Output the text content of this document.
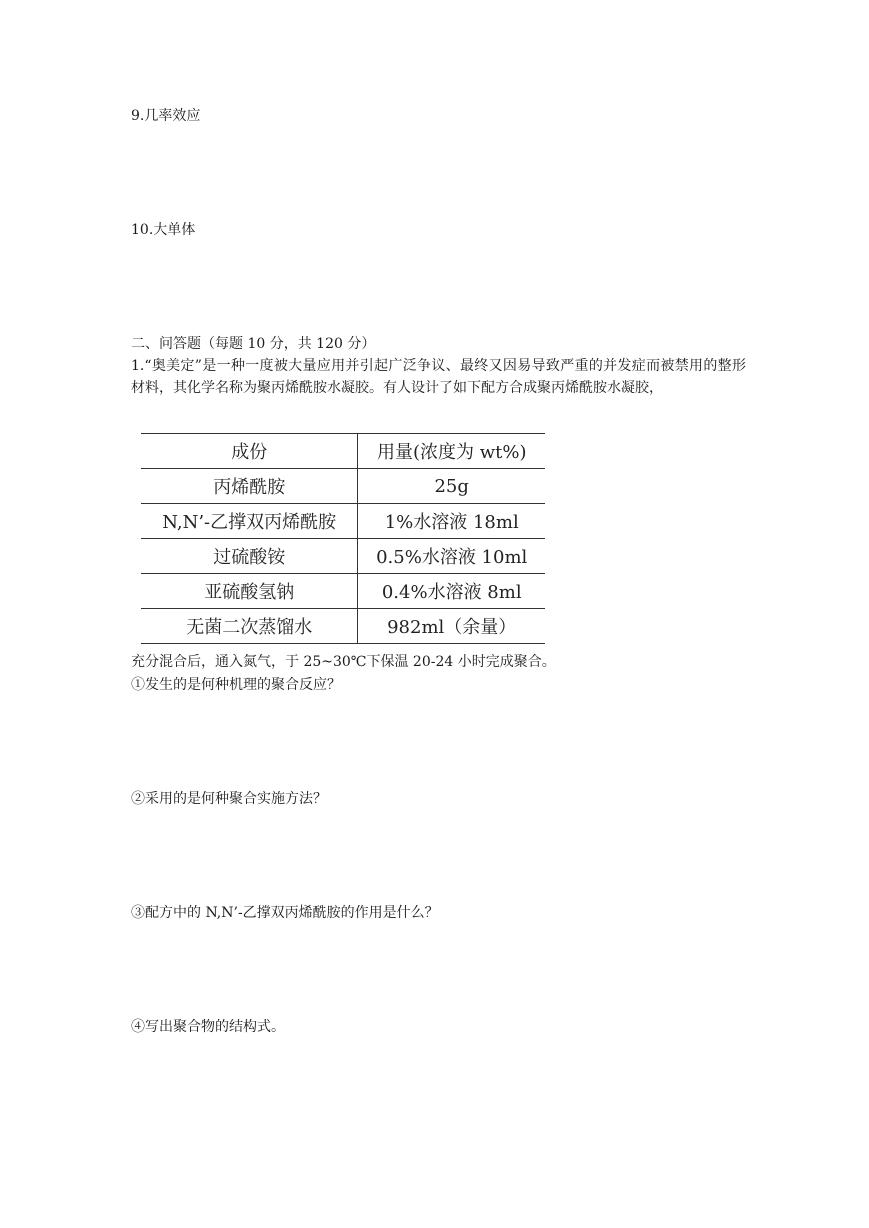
9.几率效应
10.大单体
二、问答题（每题 10 分，共 120 分）
1.“奥美定”是一种一度被大量应用并引起广泛争议、最终又因易导致严重的并发症而被禁用的整形材料，其化学名称为聚丙烯酰胺水凝胶。有人设计了如下配方合成聚丙烯酰胺水凝胶，
成份	用量(浓度为 wt%)
丙烯酰胺	25g
N,N’-乙撑双丙烯酰胺	1%水溶液 18ml
过硫酸铵	0.5%水溶液 10ml
亚硫酸氢钠	0.4%水溶液 8ml
无菌二次蒸馏水	982ml（余量）
充分混合后，通入氮气，于 25~30℃下保温 20-24 小时完成聚合。
①发生的是何种机理的聚合反应？
②采用的是何种聚合实施方法？
③配方中的 N,N’-乙撑双丙烯酰胺的作用是什么？
④写出聚合物的结构式。
